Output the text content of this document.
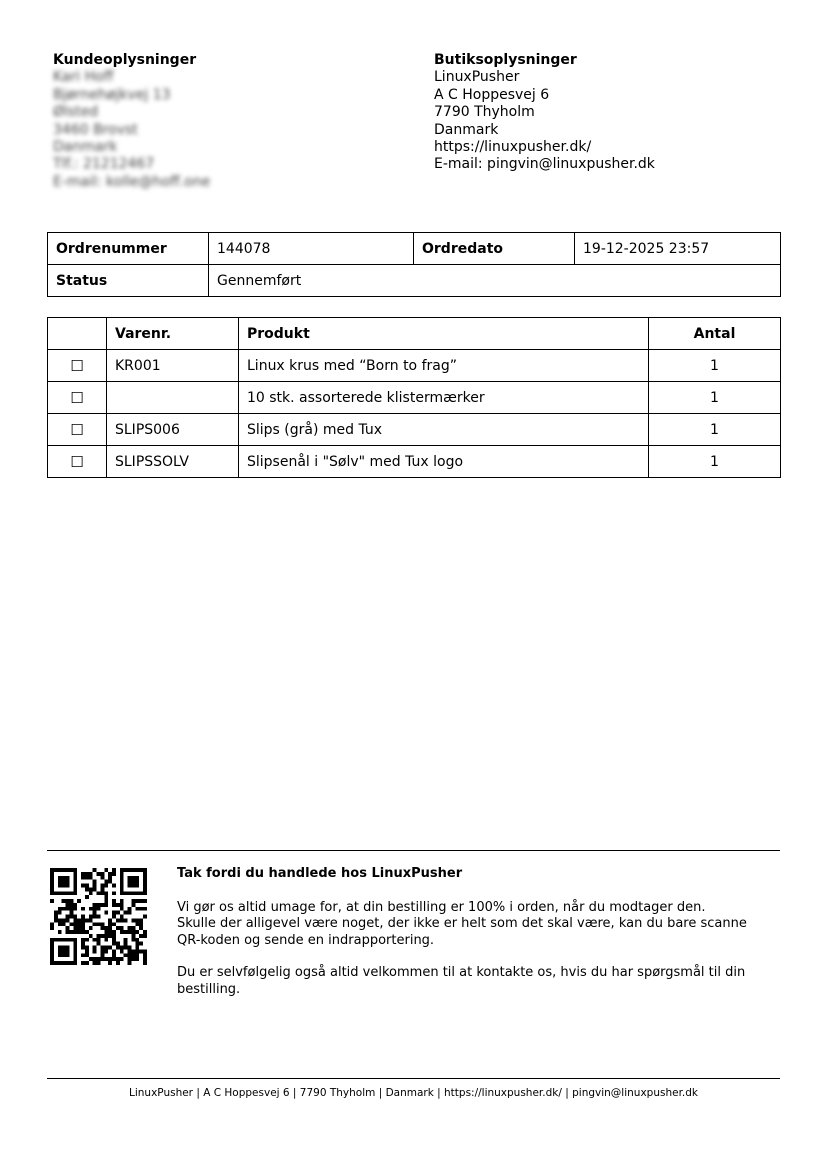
Kundeoplysninger
Kari Hoff
Bjørnehøjkvej 13
Ølsted
3460 Brovst
Danmark
Tlf.: 21212467
E-mail: kolle@hoff.one
Butiksoplysninger
LinuxPusher
A C Hoppesvej 6
7790 Thyholm
Danmark
https://linuxpusher.dk/
E-mail: pingvin@linuxpusher.dk
Ordrenummer	144078	Ordredato	19-12-2025 23:57
Status	Gennemført		
	Varenr.	Produkt	Antal
☐	KR001	Linux krus med “Born to frag”	1
☐		10 stk. assorterede klistermærker	1
☐	SLIPS006	Slips (grå) med Tux	1
☐	SLIPSSOLV	Slipsenål i "Sølv" med Tux logo	1

Tak fordi du handlede hos LinuxPusher

Vi gør os altid umage for, at din bestilling er 100% i orden, når du modtager den. Skulle der alligevel være noget, der ikke er helt som det skal være, kan du bare scanne QR-koden og sende en indrapportering.

Du er selvfølgelig også altid velkommen til at kontakte os, hvis du har spørgsmål til din bestilling.

LinuxPusher | A C Hoppesvej 6 | 7790 Thyholm | Danmark | https://linuxpusher.dk/ | pingvin@linuxpusher.dk
